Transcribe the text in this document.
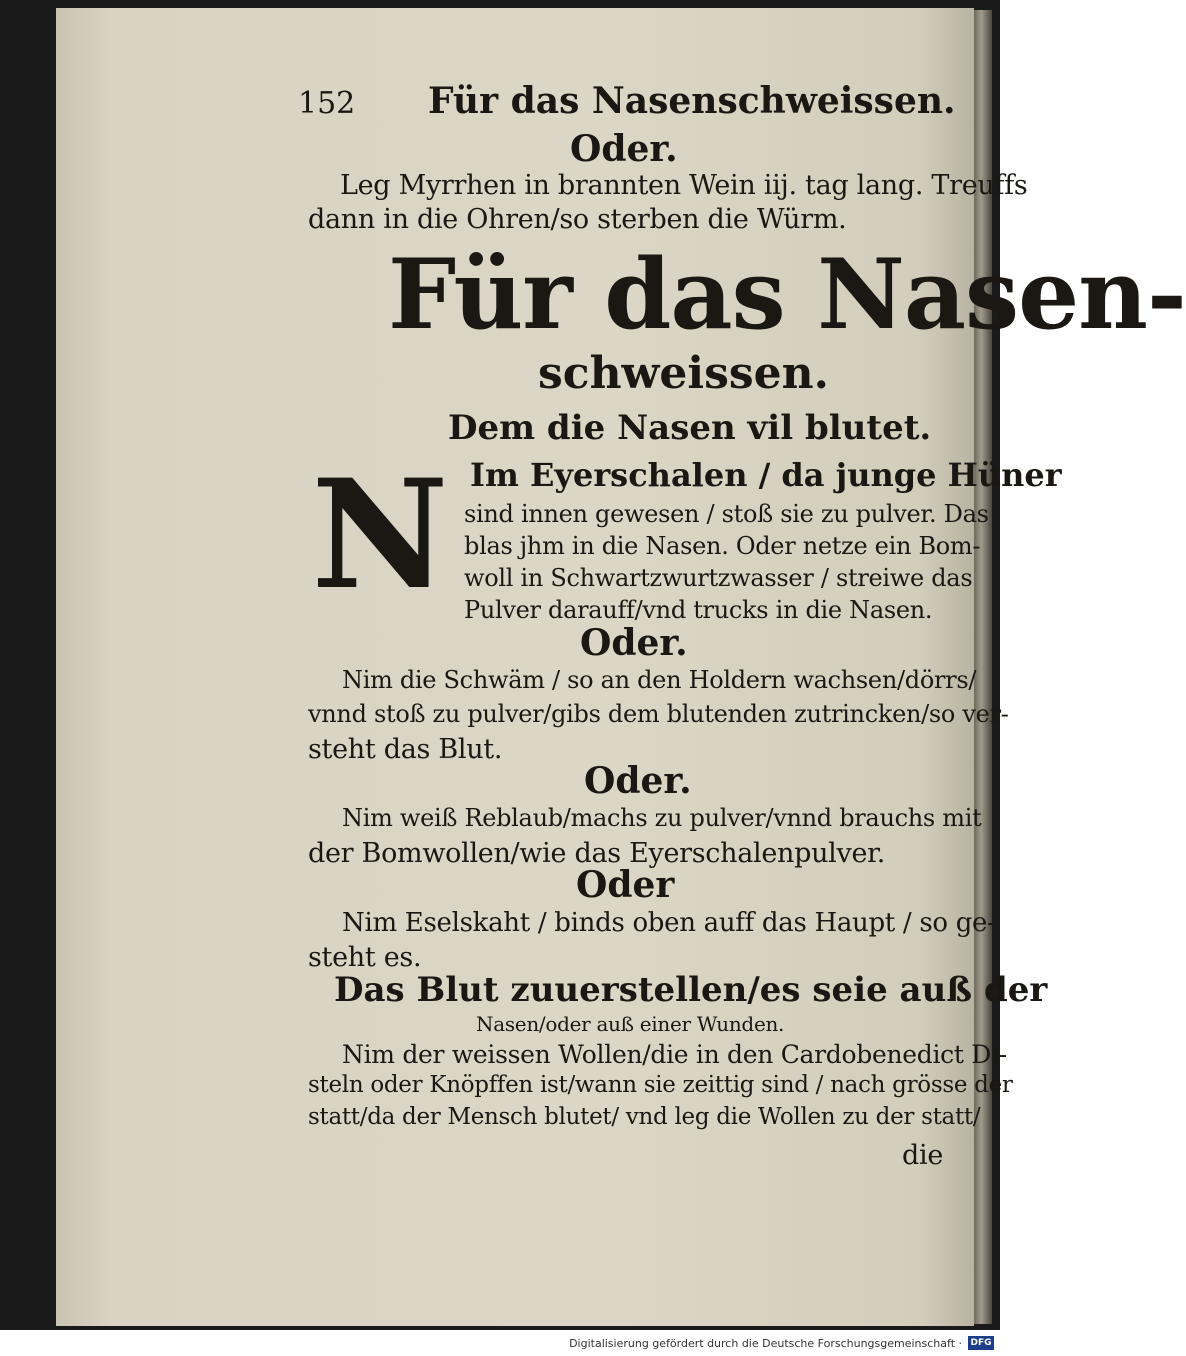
152 Für das Nasenschweissen.
Oder.
Leg Myrrhen in brannten Wein iij. tag lang. Treuffs
dann in die Ohren/so sterben die Würm.
Für das Nasen-
schweissen.
Dem die Nasen vil blutet.
N Im Eyerschalen / da junge Hüner
sind innen gewesen / stoß sie zu pulver. Das
blas jhm in die Nasen. Oder netze ein Bom-
woll in Schwartzwurtzwasser / streiwe das
Pulver darauff/vnd trucks in die Nasen.
Oder.
Nim die Schwäm / so an den Holdern wachsen/dörrs/
vnnd stoß zu pulver/gibs dem blutenden zutrincken/so ver-
steht das Blut.
Oder.
Nim weiß Reblaub/machs zu pulver/vnnd brauchs mit
der Bomwollen/wie das Eyerschalenpulver.
Oder
Nim Eselskaht / binds oben auff das Haupt / so ge-
steht es.
Das Blut zuuerstellen/es seie auß der
Nasen/oder auß einer Wunden.
Nim der weissen Wollen/die in den Cardobenedict Di-
steln oder Knöpffen ist/wann sie zeittig sind / nach grösse der
statt/da der Mensch blutet/ vnd leg die Wollen zu der statt/
die
Digitalisierung gefördert durch die Deutsche Forschungsgemeinschaft · DFG
